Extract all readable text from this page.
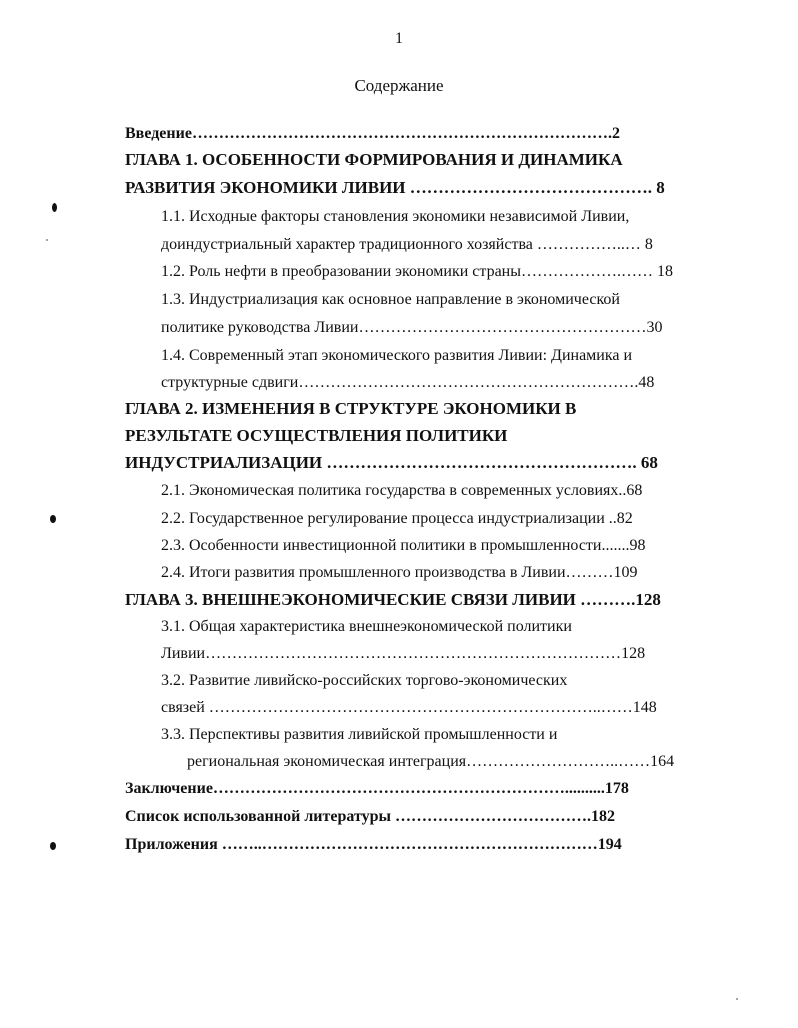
1
Содержание
Введение…………………………………………………………………….2
ГЛАВА 1. ОСОБЕННОСТИ ФОРМИРОВАНИЯ И ДИНАМИКА
РАЗВИТИЯ ЭКОНОМИКИ ЛИВИИ ……………………………………. 8
1.1. Исходные факторы становления экономики независимой Ливии,
доиндустриальный характер традиционного хозяйства ……………..… 8
1.2. Роль нефти в преобразовании экономики страны……………….…… 18
1.3. Индустриализация как основное направление в экономической
политике руководства Ливии………………………………………………30
1.4. Современный этап экономического развития Ливии: Динамика и
структурные сдвиги……………………………………………………….48
ГЛАВА 2. ИЗМЕНЕНИЯ В СТРУКТУРЕ ЭКОНОМИКИ В
РЕЗУЛЬТАТЕ ОСУЩЕСТВЛЕНИЯ ПОЛИТИКИ
ИНДУСТРИАЛИЗАЦИИ ………………………………………………. 68
2.1. Экономическая политика государства в современных условиях..68
2.2. Государственное регулирование процесса индустриализации ..82
2.3. Особенности инвестиционной политики в промышленности.......98
2.4. Итоги развития промышленного производства в Ливии………109
ГЛАВА 3. ВНЕШНЕЭКОНОМИЧЕСКИЕ СВЯЗИ ЛИВИИ ……….128
3.1. Общая характеристика внешнеэкономической политики
Ливии……………………………………………………………………128
3.2. Развитие ливийско-российских торгово-экономических
связей ………………………………………………………………..……148
3.3. Перспективы развития ливийской промышленности и
региональная экономическая интеграция………………………..……164
Заключение…………………………………………………………..........178
Список использованной литературы ……………………………….182
Приложения ……..………………………………………………………194
